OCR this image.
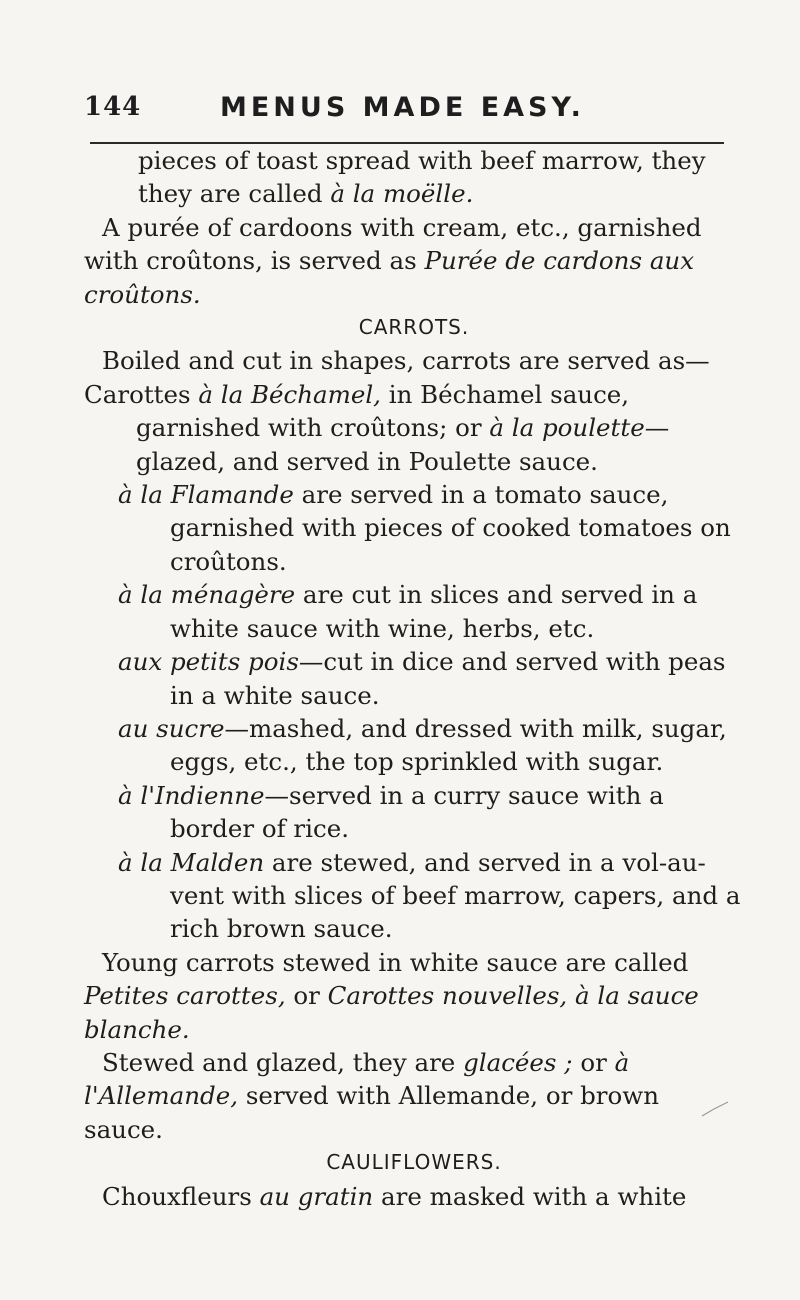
144	MENUS MADE EASY.

pieces of toast spread with beef marrow, they
they are called à la moëlle.

A purée of cardoons with cream, etc., garnished

with croûtons, is served as Purée de cardons aux
croûtons.

CARROTS.

Boiled and cut in shapes, carrots are served as—

Carottes à la Béchamel, in Béchamel sauce, garnished with croûtons; or à la poulette— glazed, and served in Poulette sauce.

à la Flamande are served in a tomato sauce, garnished with pieces of cooked tomatoes on croûtons.

à la ménagère are cut in slices and served in a white sauce with wine, herbs, etc.

aux petits pois—cut in dice and served with peas in a white sauce.

au sucre—mashed, and dressed with milk, sugar, eggs, etc., the top sprinkled with sugar.

à l'Indienne—served in a curry sauce with a border of rice.

à la Malden are stewed, and served in a vol-au-vent with slices of beef marrow, capers, and a rich brown sauce.

Young carrots stewed in white sauce are called Petites carottes, or Carottes nouvelles, à la sauce blanche.

Stewed and glazed, they are glacées ; or à l'Allemande, served with Allemande, or brown sauce.

CAULIFLOWERS.

Chouxfleurs au gratin are masked with a white
